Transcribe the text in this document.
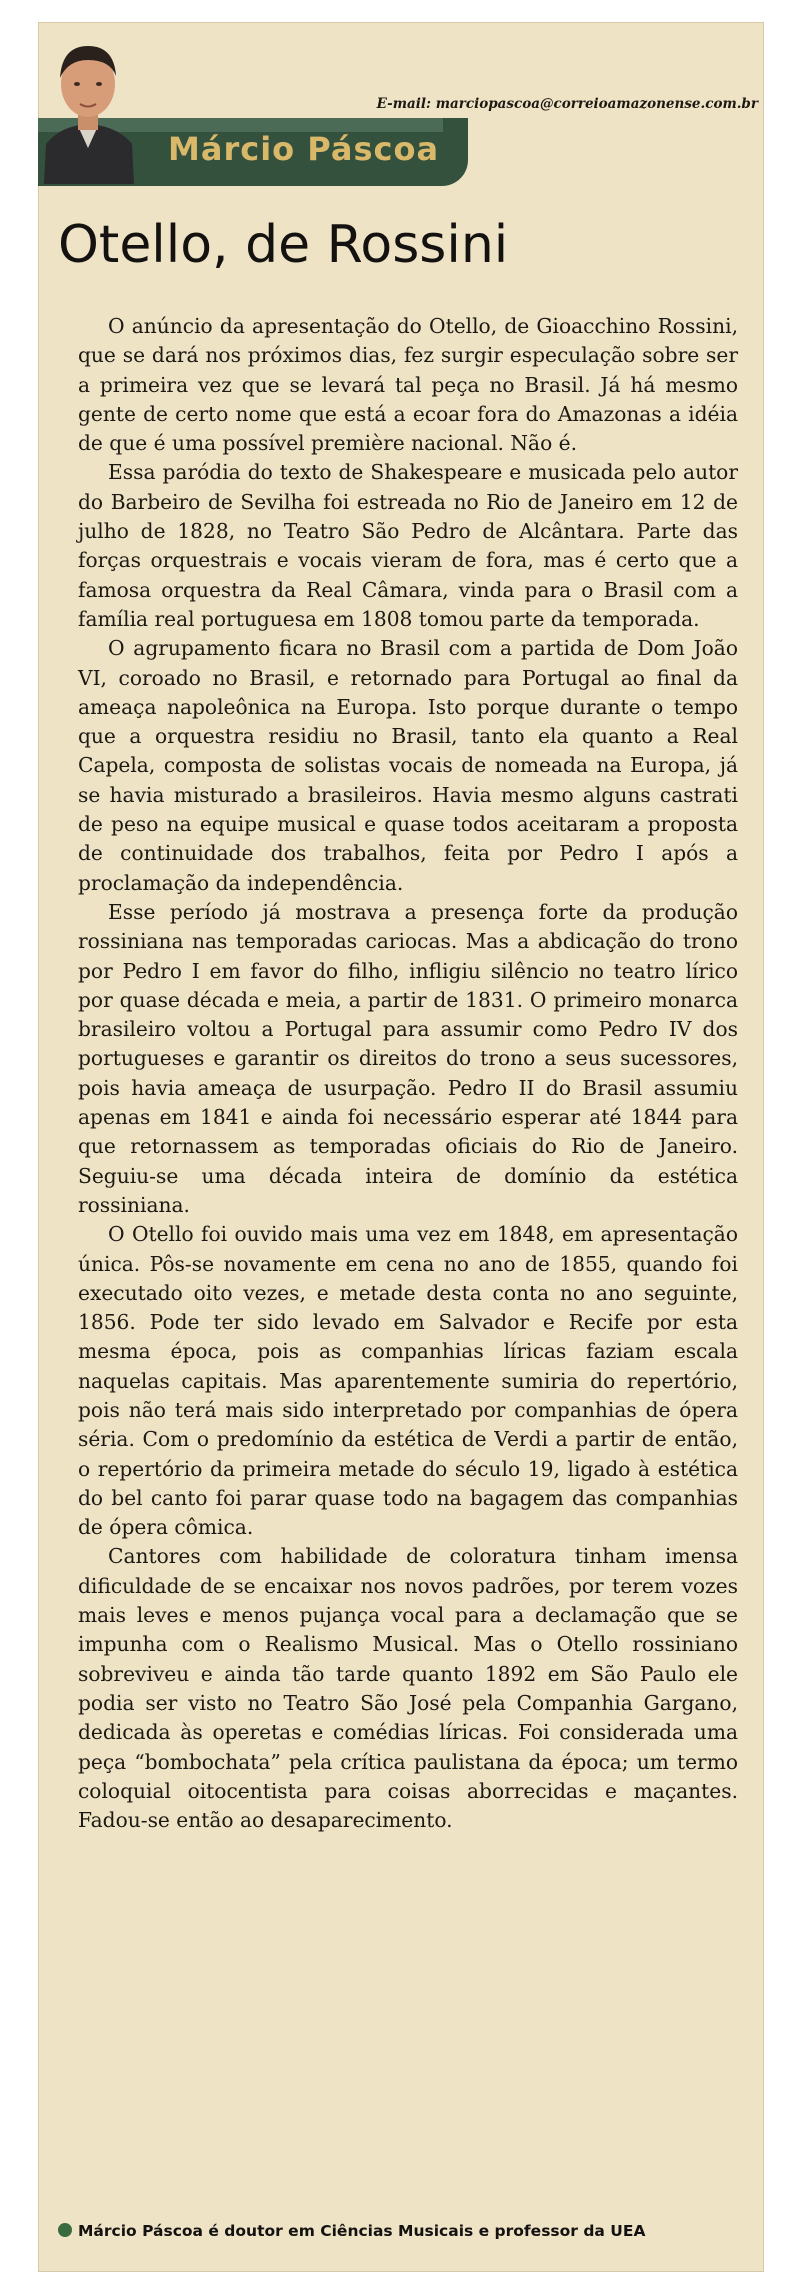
Márcio Páscoa
E-mail: marciopascoa@correioamazonense.com.br
Otello, de Rossini

O anúncio da apresentação do Otello, de Gioacchino Rossini, que se dará nos próximos dias, fez surgir especulação sobre ser a primeira vez que se levará tal peça no Brasil. Já há mesmo gente de certo nome que está a ecoar fora do Amazonas a idéia de que é uma possível première nacional. Não é.

Essa paródia do texto de Shakespeare e musicada pelo autor do Barbeiro de Sevilha foi estreada no Rio de Janeiro em 12 de julho de 1828, no Teatro São Pedro de Alcântara. Parte das forças orquestrais e vocais vieram de fora, mas é certo que a famosa orquestra da Real Câmara, vinda para o Brasil com a família real portuguesa em 1808 tomou parte da temporada.

O agrupamento ficara no Brasil com a partida de Dom João VI, coroado no Brasil, e retornado para Portugal ao final da ameaça napoleônica na Europa. Isto porque durante o tempo que a orquestra residiu no Brasil, tanto ela quanto a Real Capela, composta de solistas vocais de nomeada na Europa, já se havia misturado a brasileiros. Havia mesmo alguns castrati de peso na equipe musical e quase todos aceitaram a proposta de continuidade dos trabalhos, feita por Pedro I após a proclamação da independência.

Esse período já mostrava a presença forte da produção rossiniana nas temporadas cariocas. Mas a abdicação do trono por Pedro I em favor do filho, infligiu silêncio no teatro lírico por quase década e meia, a partir de 1831. O primeiro monarca brasileiro voltou a Portugal para assumir como Pedro IV dos portugueses e garantir os direitos do trono a seus sucessores, pois havia ameaça de usurpação. Pedro II do Brasil assumiu apenas em 1841 e ainda foi necessário esperar até 1844 para que retornassem as temporadas oficiais do Rio de Janeiro. Seguiu-se uma década inteira de domínio da estética rossiniana.

O Otello foi ouvido mais uma vez em 1848, em apresentação única. Pôs-se novamente em cena no ano de 1855, quando foi executado oito vezes, e metade desta conta no ano seguinte, 1856. Pode ter sido levado em Salvador e Recife por esta mesma época, pois as companhias líricas faziam escala naquelas capitais. Mas aparentemente sumiria do repertório, pois não terá mais sido interpretado por companhias de ópera séria. Com o predomínio da estética de Verdi a partir de então, o repertório da primeira metade do século 19, ligado à estética do bel canto foi parar quase todo na bagagem das companhias de ópera cômica.

Cantores com habilidade de coloratura tinham imensa dificuldade de se encaixar nos novos padrões, por terem vozes mais leves e menos pujança vocal para a declamação que se impunha com o Realismo Musical. Mas o Otello rossiniano sobreviveu e ainda tão tarde quanto 1892 em São Paulo ele podia ser visto no Teatro São José pela Companhia Gargano, dedicada às operetas e comédias líricas. Foi considerada uma peça “bombochata” pela crítica paulistana da época; um termo coloquial oitocentista para coisas aborrecidas e maçantes. Fadou-se então ao desaparecimento.

Márcio Páscoa é doutor em Ciências Musicais e professor da UEA
